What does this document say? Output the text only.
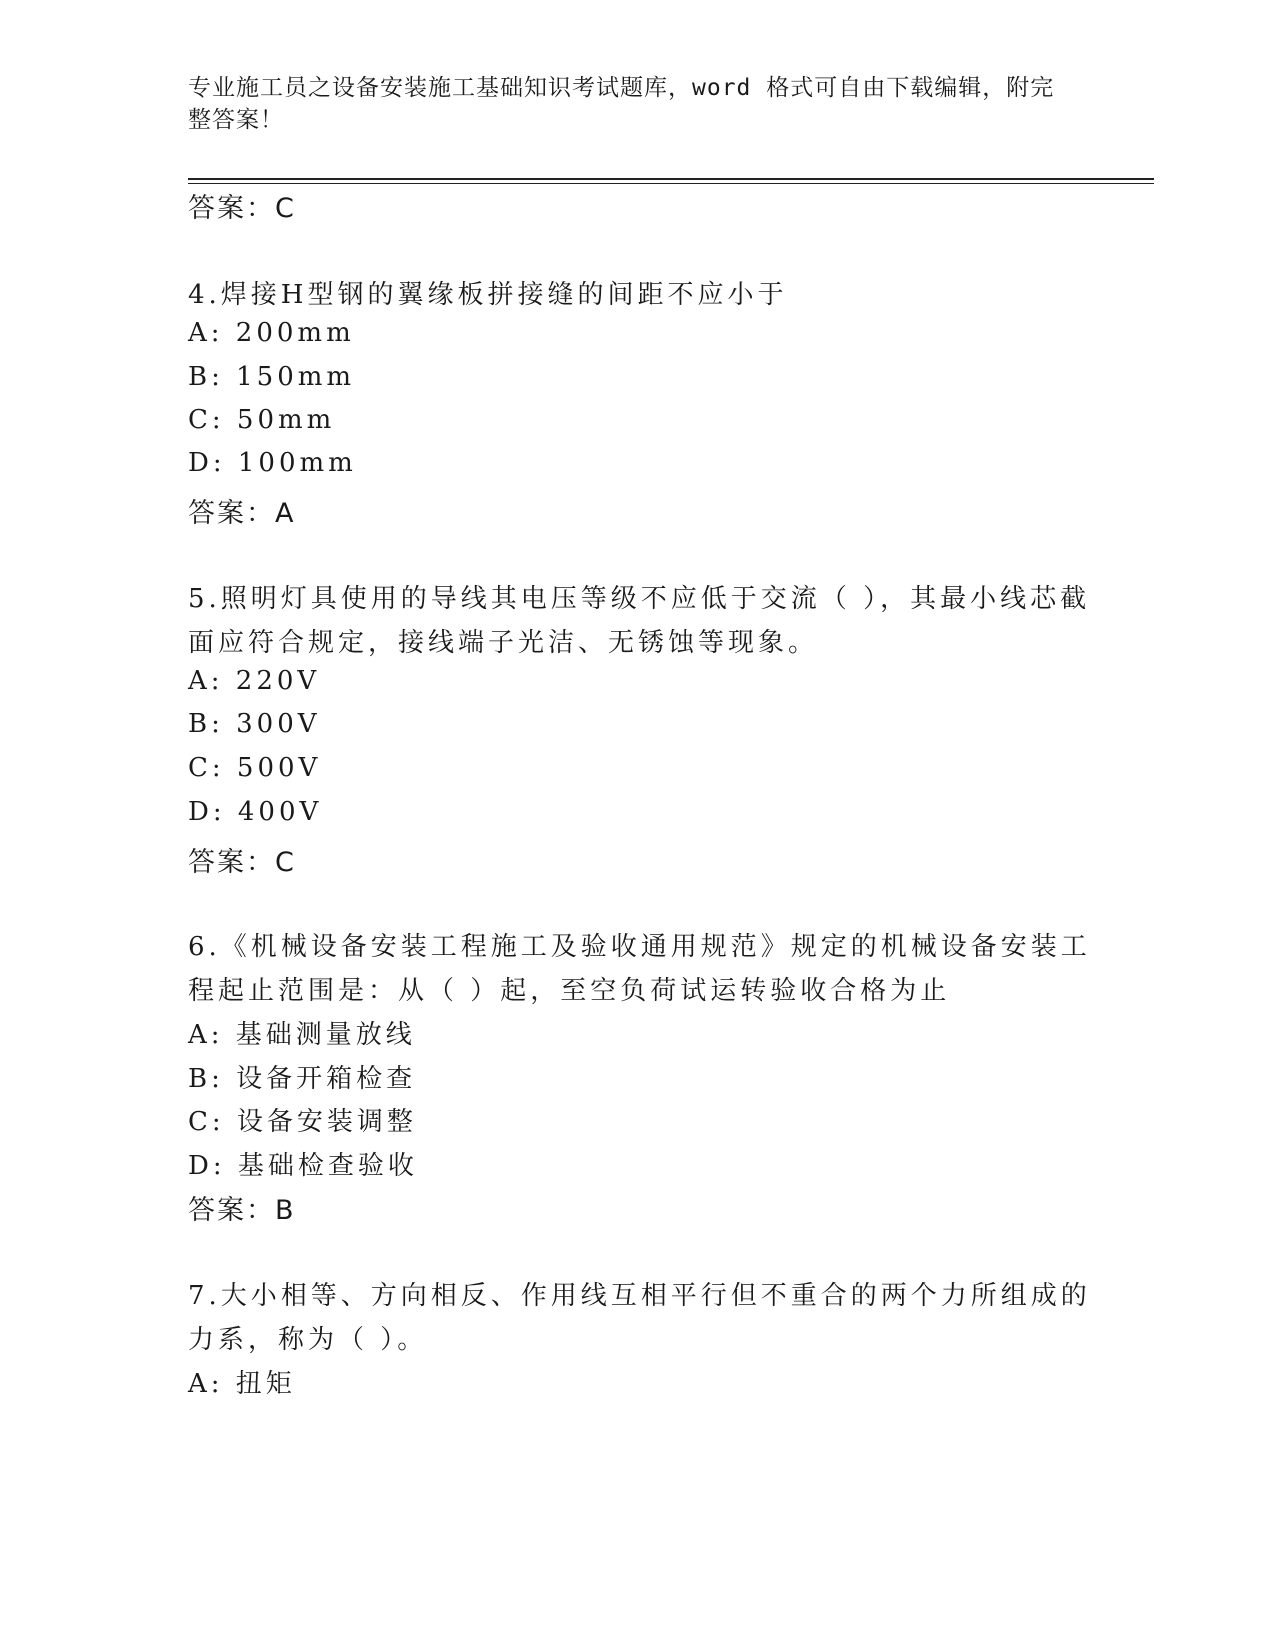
专业施工员之设备安装施工基础知识考试题库，word 格式可自由下载编辑，附完
整答案！
答案：C
4.焊接H型钢的翼缘板拼接缝的间距不应小于
A: 200mm
B: 150mm
C: 50mm
D: 100mm
答案：A
5.照明灯具使用的导线其电压等级不应低于交流（ ），其最小线芯截
面应符合规定，接线端子光洁、无锈蚀等现象。
A: 220V
B: 300V
C: 500V
D: 400V
答案：C
6.《机械设备安装工程施工及验收通用规范》规定的机械设备安装工
程起止范围是：从（ ）起，至空负荷试运转验收合格为止
A: 基础测量放线
B: 设备开箱检查
C: 设备安装调整
D: 基础检查验收
答案：B
7.大小相等、方向相反、作用线互相平行但不重合的两个力所组成的
力系，称为（ ）。
A: 扭矩
